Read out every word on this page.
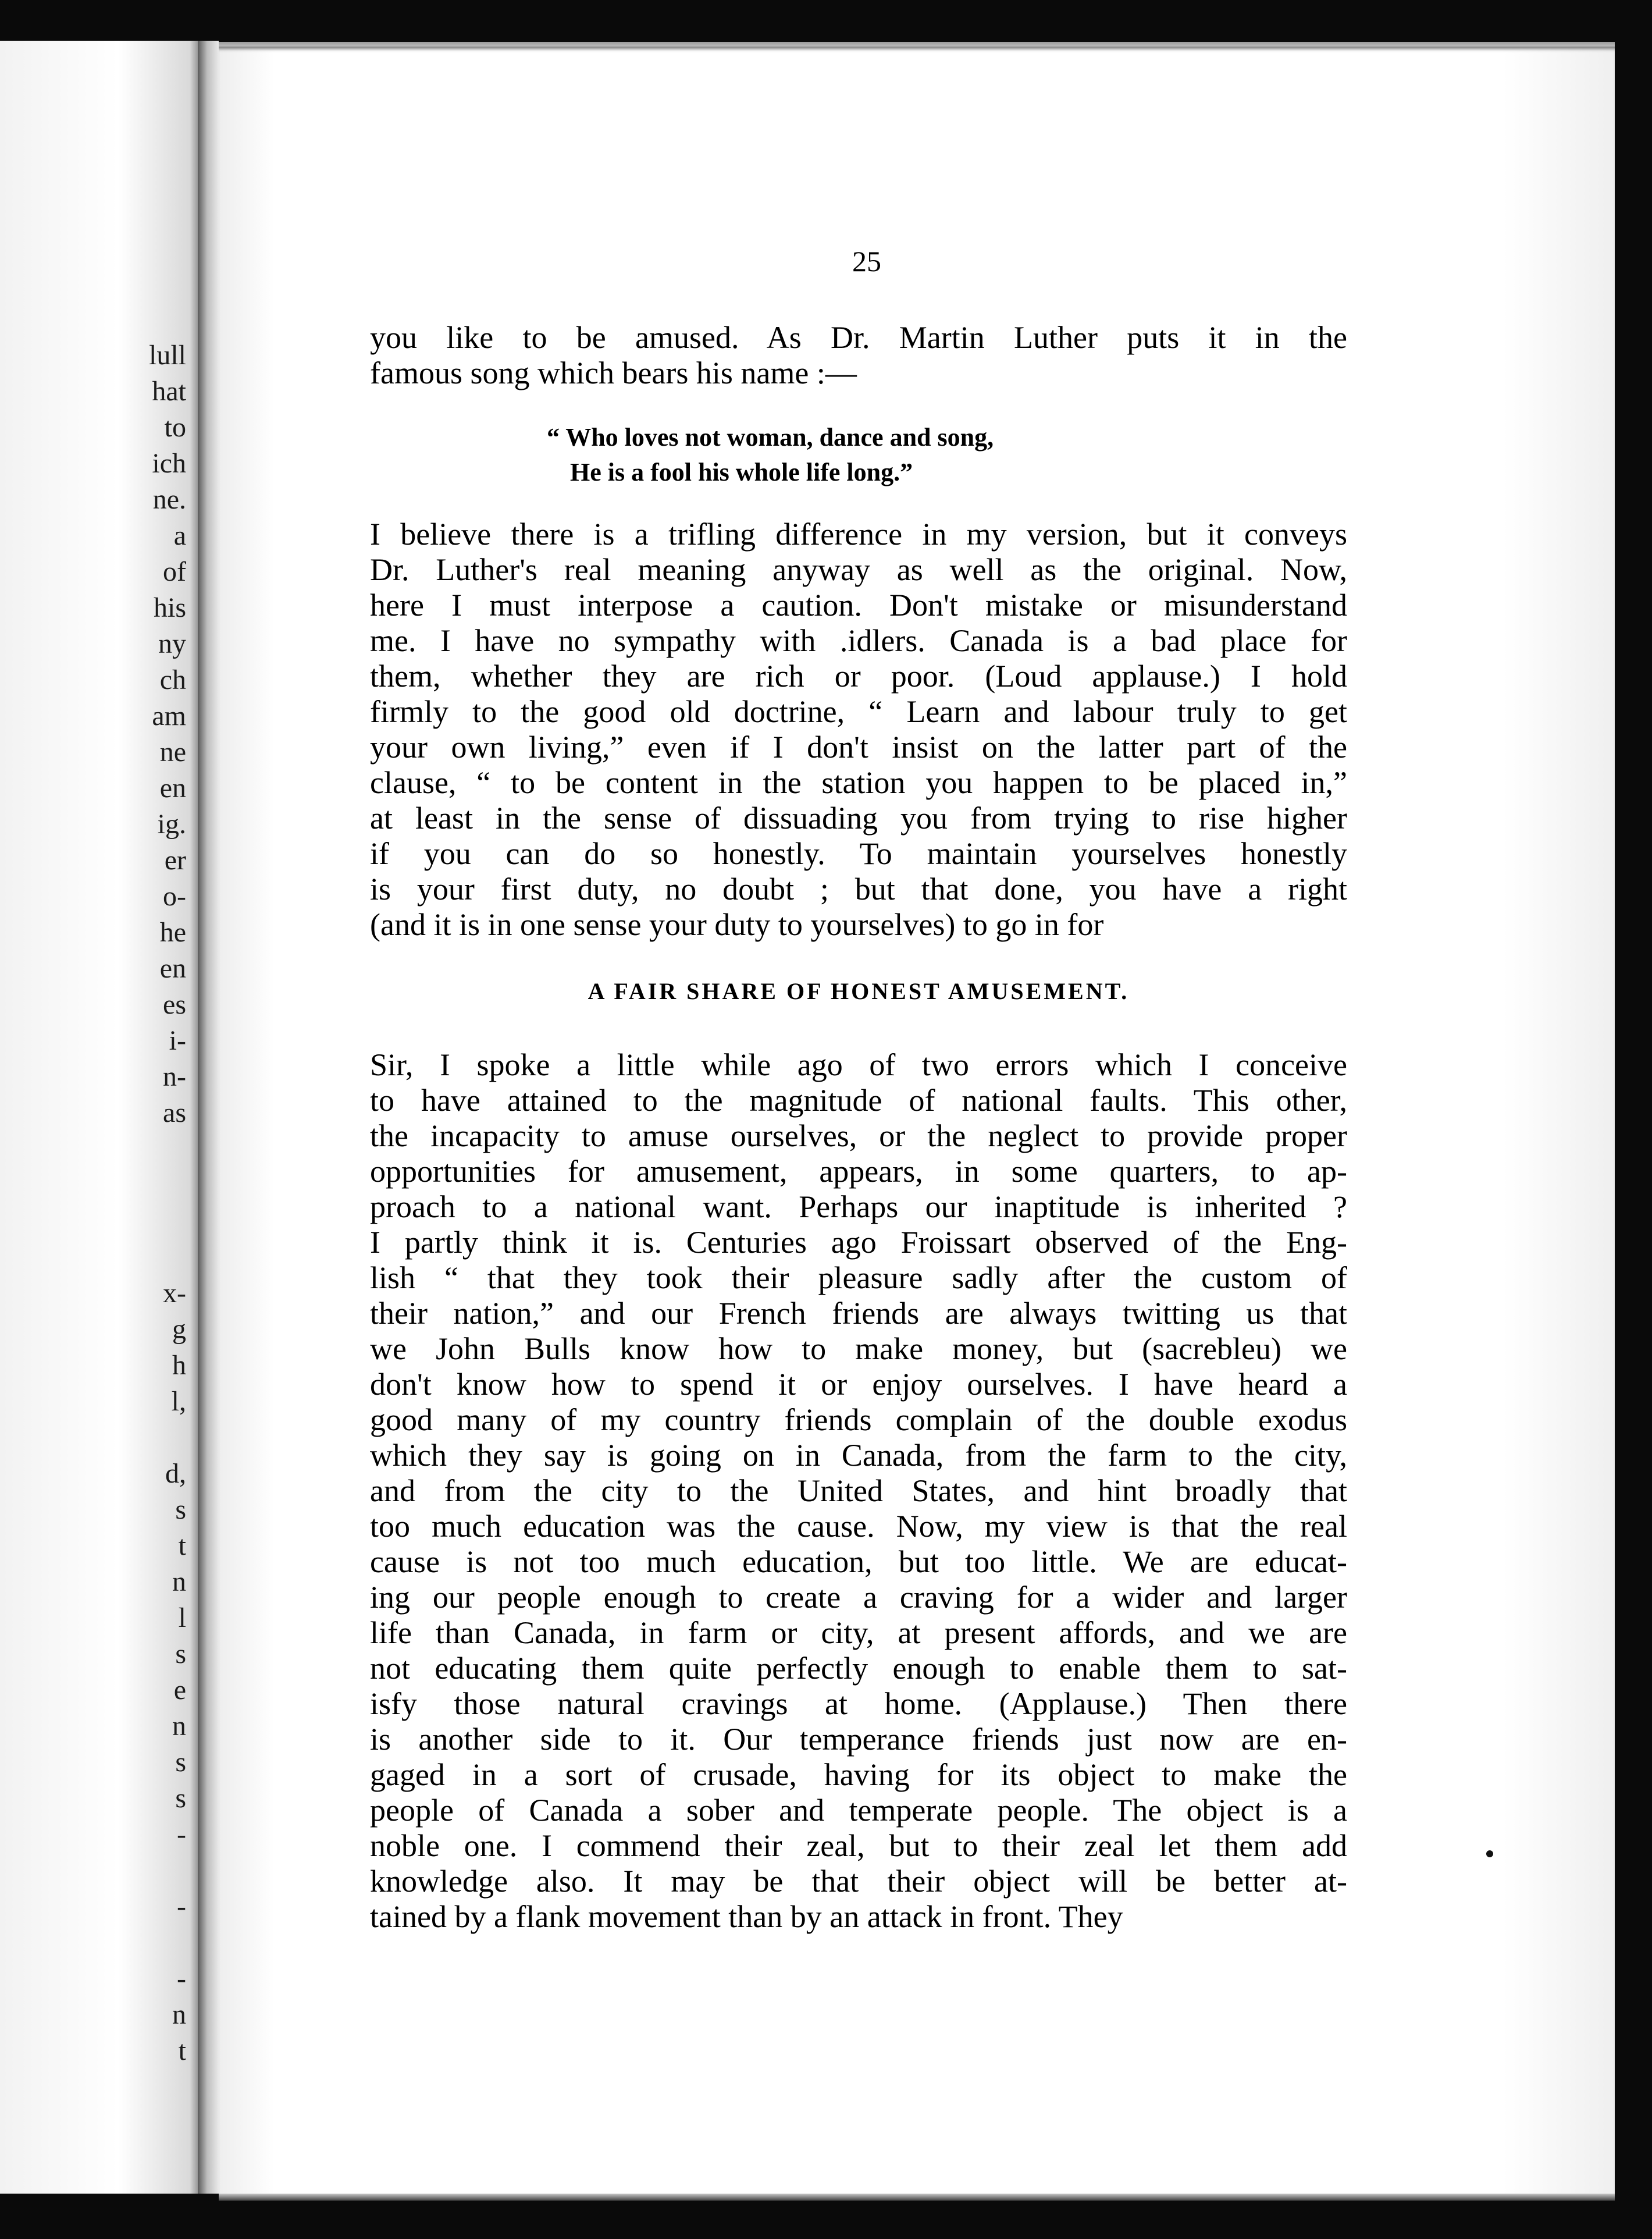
lull
hat
to
ich
ne.
a
of
his
ny
ch
am
ne
en
ig.
er
o-
he
en
es
i-
n-
as
x-
g
h
l,
d,
s
t
n
l
s
e
n
s
s
-
-
-
n
t
25
you like to be amused. As Dr. Martin Luther puts it in the
famous song which bears his name :—
“ Who loves not woman, dance and song,
He is a fool his whole life long.”
I believe there is a trifling difference in my version, but it conveys
Dr. Luther's real meaning anyway as well as the original. Now,
here I must interpose a caution. Don't mistake or misunderstand
me. I have no sympathy with .idlers. Canada is a bad place for
them, whether they are rich or poor. (Loud applause.) I hold
firmly to the good old doctrine, “ Learn and labour truly to get
your own living,” even if I don't insist on the latter part of the
clause, “ to be content in the station you happen to be placed in,”
at least in the sense of dissuading you from trying to rise higher
if you can do so honestly. To maintain yourselves honestly
is your first duty, no doubt ; but that done, you have a right
(and it is in one sense your duty to yourselves) to go in for
A FAIR SHARE OF HONEST AMUSEMENT.
Sir, I spoke a little while ago of two errors which I conceive
to have attained to the magnitude of national faults. This other,
the incapacity to amuse ourselves, or the neglect to provide proper
opportunities for amusement, appears, in some quarters, to ap-
proach to a national want. Perhaps our inaptitude is inherited ?
I partly think it is. Centuries ago Froissart observed of the Eng-
lish “ that they took their pleasure sadly after the custom of
their nation,” and our French friends are always twitting us that
we John Bulls know how to make money, but (sacrebleu) we
don't know how to spend it or enjoy ourselves. I have heard a
good many of my country friends complain of the double exodus
which they say is going on in Canada, from the farm to the city,
and from the city to the United States, and hint broadly that
too much education was the cause. Now, my view is that the real
cause is not too much education, but too little. We are educat-
ing our people enough to create a craving for a wider and larger
life than Canada, in farm or city, at present affords, and we are
not educating them quite perfectly enough to enable them to sat-
isfy those natural cravings at home. (Applause.) Then there
is another side to it. Our temperance friends just now are en-
gaged in a sort of crusade, having for its object to make the
people of Canada a sober and temperate people. The object is a
noble one. I commend their zeal, but to their zeal let them add
knowledge also. It may be that their object will be better at-
tained by a flank movement than by an attack in front. They
